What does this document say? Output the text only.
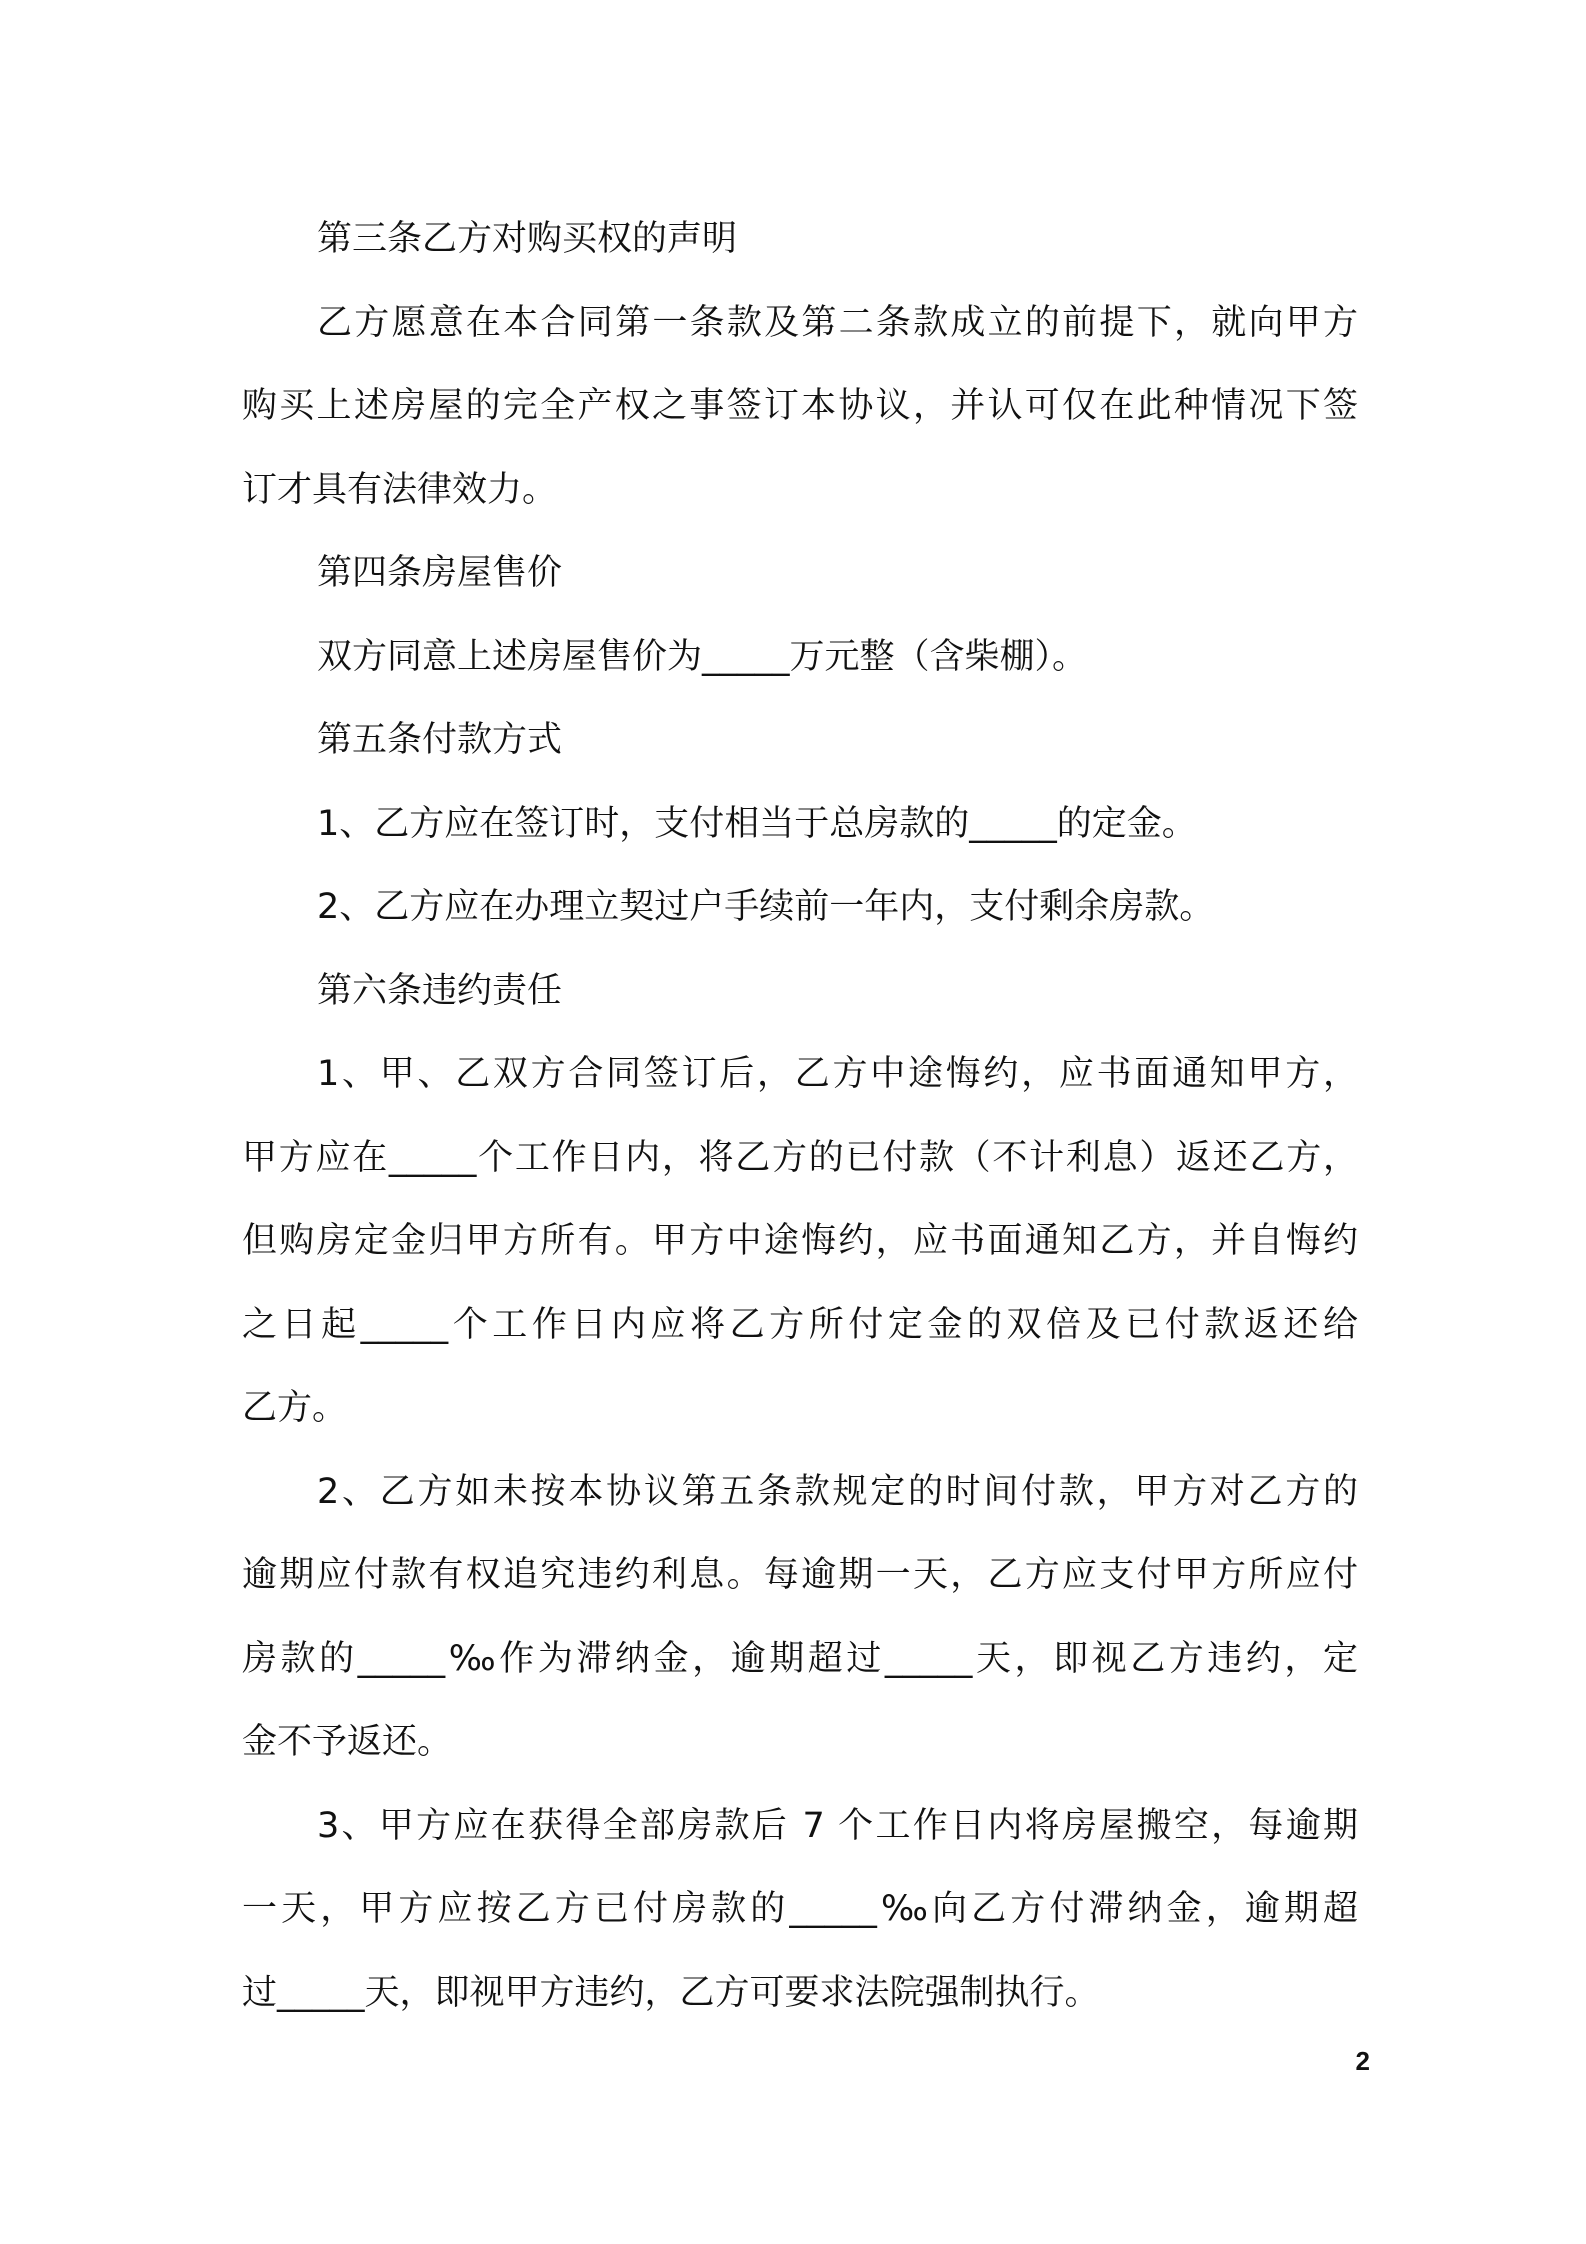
第三条乙方对购买权的声明
乙方愿意在本合同第一条款及第二条款成立的前提下，就向甲方
购买上述房屋的完全产权之事签订本协议，并认可仅在此种情况下签
订才具有法律效力。
第四条房屋售价
双方同意上述房屋售价为_____万元整（含柴棚）。
第五条付款方式
1、乙方应在签订时，支付相当于总房款的_____的定金。
2、乙方应在办理立契过户手续前一年内，支付剩余房款。
第六条违约责任
1、甲、乙双方合同签订后，乙方中途悔约，应书面通知甲方，
甲方应在_____个工作日内，将乙方的已付款（不计利息）返还乙方，
但购房定金归甲方所有。甲方中途悔约，应书面通知乙方，并自悔约
之日起_____个工作日内应将乙方所付定金的双倍及已付款返还给
乙方。
2、乙方如未按本协议第五条款规定的时间付款，甲方对乙方的
逾期应付款有权追究违约利息。每逾期一天，乙方应支付甲方所应付
房款的_____‰作为滞纳金，逾期超过_____天，即视乙方违约，定
金不予返还。
3、甲方应在获得全部房款后 7 个工作日内将房屋搬空，每逾期
一天，甲方应按乙方已付房款的_____‰向乙方付滞纳金，逾期超
过_____天，即视甲方违约，乙方可要求法院强制执行。
2
